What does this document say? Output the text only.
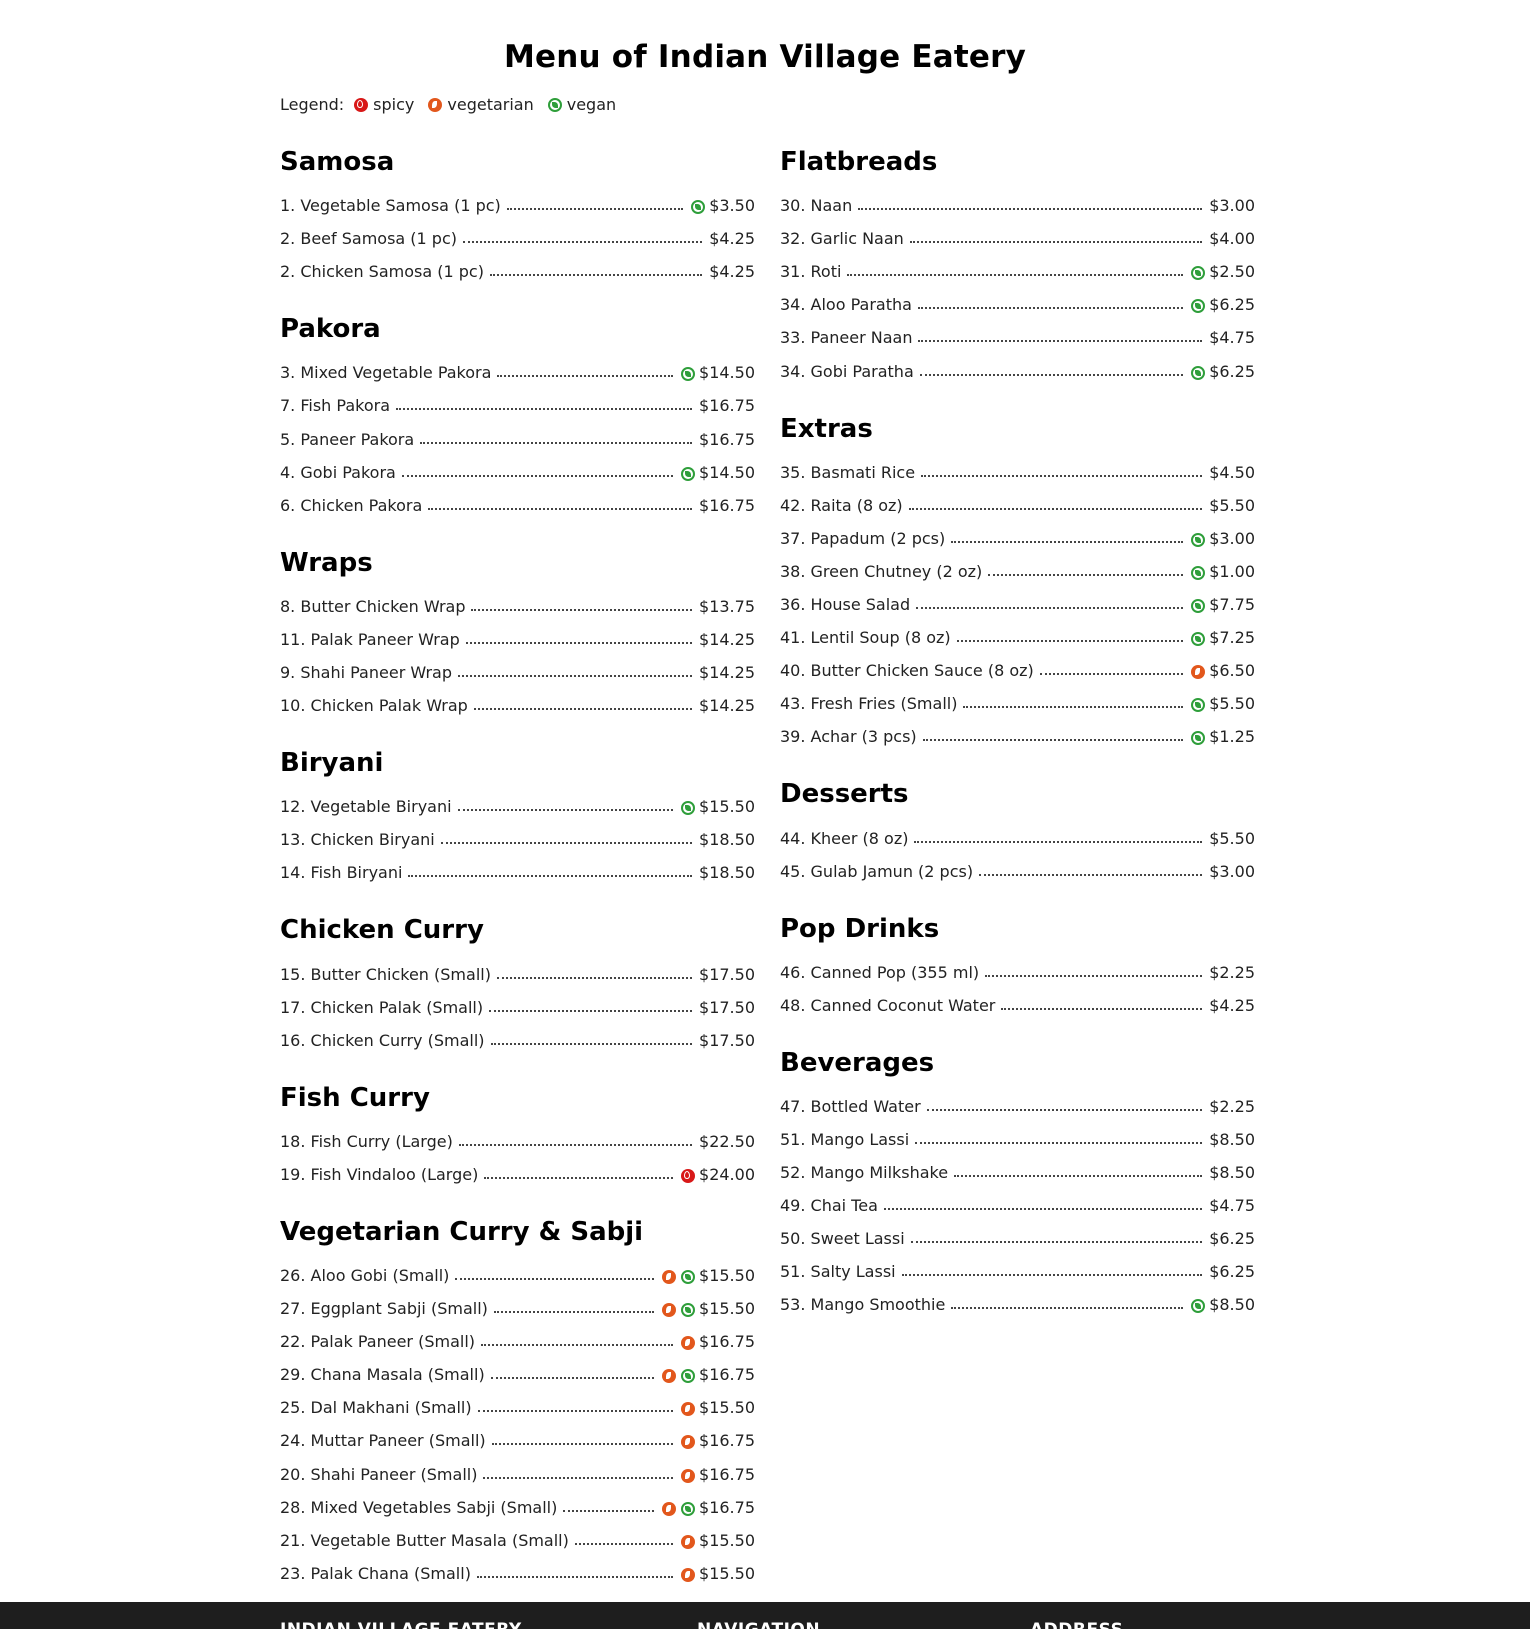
Menu of Indian Village Eatery
Legend: spicy vegetarian vegan
Samosa
1. Vegetable Samosa (1 pc)	$3.50
2. Beef Samosa (1 pc)	$4.25
2. Chicken Samosa (1 pc)	$4.25
Pakora
3. Mixed Vegetable Pakora	$14.50
7. Fish Pakora	$16.75
5. Paneer Pakora	$16.75
4. Gobi Pakora	$14.50
6. Chicken Pakora	$16.75
Wraps
8. Butter Chicken Wrap	$13.75
11. Palak Paneer Wrap	$14.25
9. Shahi Paneer Wrap	$14.25
10. Chicken Palak Wrap	$14.25
Biryani
12. Vegetable Biryani	$15.50
13. Chicken Biryani	$18.50
14. Fish Biryani	$18.50
Chicken Curry
15. Butter Chicken (Small)	$17.50
17. Chicken Palak (Small)	$17.50
16. Chicken Curry (Small)	$17.50
Fish Curry
18. Fish Curry (Large)	$22.50
19. Fish Vindaloo (Large)	$24.00
Vegetarian Curry & Sabji
26. Aloo Gobi (Small)	$15.50
27. Eggplant Sabji (Small)	$15.50
22. Palak Paneer (Small)	$16.75
29. Chana Masala (Small)	$16.75
25. Dal Makhani (Small)	$15.50
24. Muttar Paneer (Small)	$16.75
20. Shahi Paneer (Small)	$16.75
28. Mixed Vegetables Sabji (Small)	$16.75
21. Vegetable Butter Masala (Small)	$15.50
23. Palak Chana (Small)	$15.50
Flatbreads
30. Naan	$3.00
32. Garlic Naan	$4.00
31. Roti	$2.50
34. Aloo Paratha	$6.25
33. Paneer Naan	$4.75
34. Gobi Paratha	$6.25
Extras
35. Basmati Rice	$4.50
42. Raita (8 oz)	$5.50
37. Papadum (2 pcs)	$3.00
38. Green Chutney (2 oz)	$1.00
36. House Salad	$7.75
41. Lentil Soup (8 oz)	$7.25
40. Butter Chicken Sauce (8 oz)	$6.50
43. Fresh Fries (Small)	$5.50
39. Achar (3 pcs)	$1.25
Desserts
44. Kheer (8 oz)	$5.50
45. Gulab Jamun (2 pcs)	$3.00
Pop Drinks
46. Canned Pop (355 ml)	$2.25
48. Canned Coconut Water	$4.25
Beverages
47. Bottled Water	$2.25
51. Mango Lassi	$8.50
52. Mango Milkshake	$8.50
49. Chai Tea	$4.75
50. Sweet Lassi	$6.25
51. Salty Lassi	$6.25
53. Mango Smoothie	$8.50
INDIAN VILLAGE EATERY	NAVIGATION	ADDRESS
